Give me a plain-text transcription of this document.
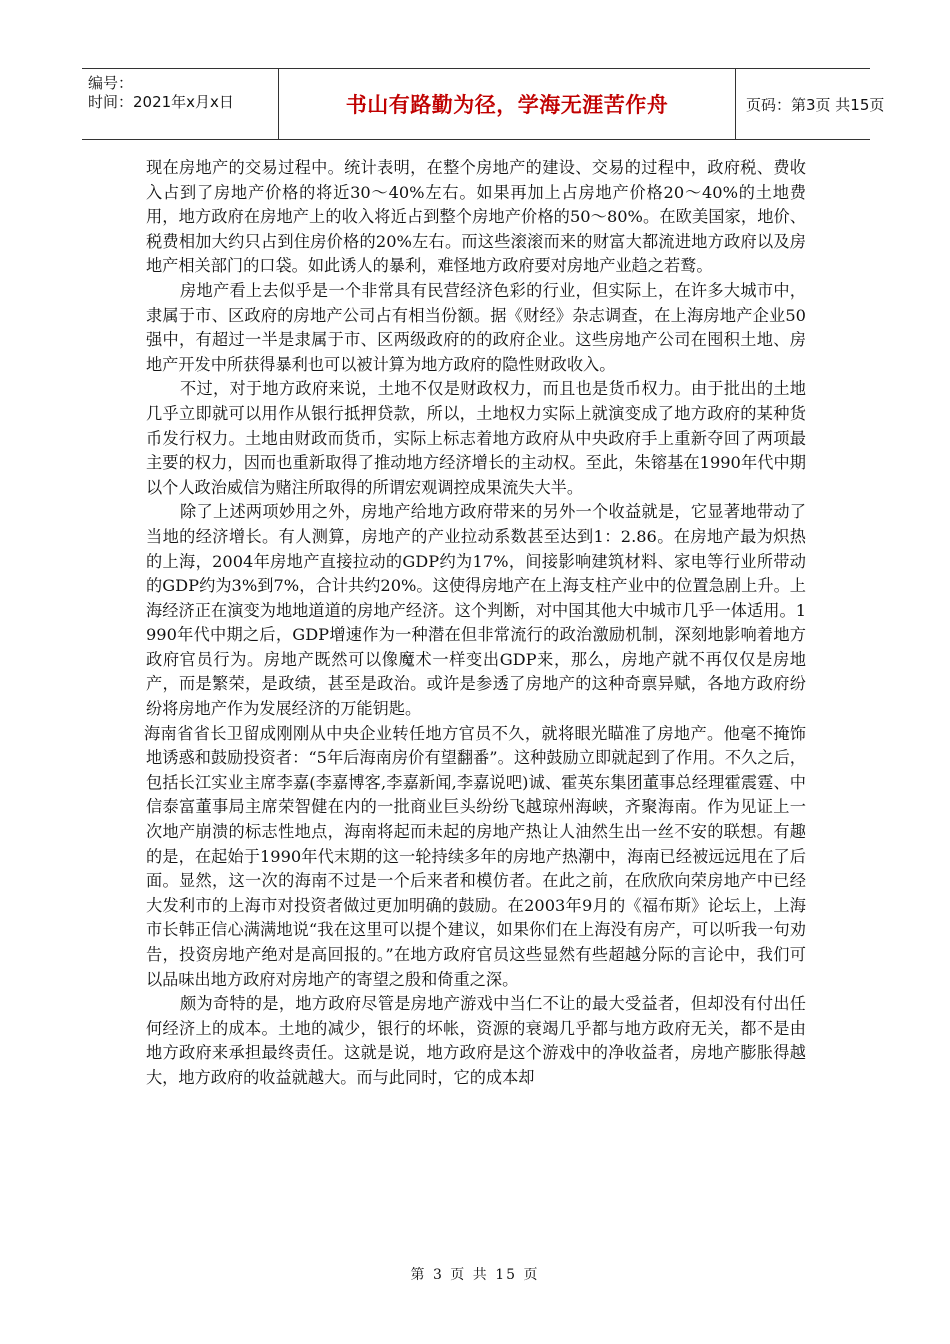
编号：
时间：2021年x月x日	书山有路勤为径，学海无涯苦作舟	页码：第3页 共15页

现在房地产的交易过程中。统计表明，在整个房地产的建设、交易的过程中，政府税、费收入占到了房地产价格的将近30～40%左右。如果再加上占房地产价格20～40%的土地费用，地方政府在房地产上的收入将近占到整个房地产价格的50～80%。在欧美国家，地价、税费相加大约只占到住房价格的20%左右。而这些滚滚而来的财富大都流进地方政府以及房地产相关部门的口袋。如此诱人的暴利，难怪地方政府要对房地产业趋之若鹜。

房地产看上去似乎是一个非常具有民营经济色彩的行业，但实际上，在许多大城市中，隶属于市、区政府的房地产公司占有相当份额。据《财经》杂志调查，在上海房地产企业50强中，有超过一半是隶属于市、区两级政府的的政府企业。这些房地产公司在囤积土地、房地产开发中所获得暴利也可以被计算为地方政府的隐性财政收入。

不过，对于地方政府来说，土地不仅是财政权力，而且也是货币权力。由于批出的土地几乎立即就可以用作从银行抵押贷款，所以，土地权力实际上就演变成了地方政府的某种货币发行权力。土地由财政而货币，实际上标志着地方政府从中央政府手上重新夺回了两项最主要的权力，因而也重新取得了推动地方经济增长的主动权。至此，朱镕基在1990年代中期以个人政治威信为赌注所取得的所谓宏观调控成果流失大半。

除了上述两项妙用之外，房地产给地方政府带来的另外一个收益就是，它显著地带动了当地的经济增长。有人测算，房地产的产业拉动系数甚至达到1：2.86。在房地产最为炽热的上海，2004年房地产直接拉动的GDP约为17%，间接影响建筑材料、家电等行业所带动的GDP约为3%到7%，合计共约20%。这使得房地产在上海支柱产业中的位置急剧上升。上海经济正在演变为地地道道的房地产经济。这个判断，对中国其他大中城市几乎一体适用。1990年代中期之后，GDP增速作为一种潜在但非常流行的政治激励机制，深刻地影响着地方政府官员行为。房地产既然可以像魔术一样变出GDP来，那么，房地产就不再仅仅是房地产，而是繁荣，是政绩，甚至是政治。或许是参透了房地产的这种奇禀异赋，各地方政府纷纷将房地产作为发展经济的万能钥匙。

海南省省长卫留成刚刚从中央企业转任地方官员不久，就将眼光瞄准了房地产。他毫不掩饰地诱惑和鼓励投资者：“5年后海南房价有望翻番”。这种鼓励立即就起到了作用。不久之后，包括长江实业主席李嘉(李嘉博客,李嘉新闻,李嘉说吧)诚、霍英东集团董事总经理霍震霆、中信泰富董事局主席荣智健在内的一批商业巨头纷纷飞越琼州海峡，齐聚海南。作为见证上一次地产崩溃的标志性地点，海南将起而未起的房地产热让人油然生出一丝不安的联想。有趣的是，在起始于1990年代末期的这一轮持续多年的房地产热潮中，海南已经被远远甩在了后面。显然，这一次的海南不过是一个后来者和模仿者。在此之前，在欣欣向荣房地产中已经大发利市的上海市对投资者做过更加明确的鼓励。在2003年9月的《福布斯》论坛上，上海市长韩正信心满满地说“我在这里可以提个建议，如果你们在上海没有房产，可以听我一句劝告，投资房地产绝对是高回报的。”在地方政府官员这些显然有些超越分际的言论中，我们可以品味出地方政府对房地产的寄望之殷和倚重之深。

颇为奇特的是，地方政府尽管是房地产游戏中当仁不让的最大受益者，但却没有付出任何经济上的成本。土地的减少，银行的坏帐，资源的衰竭几乎都与地方政府无关，都不是由地方政府来承担最终责任。这就是说，地方政府是这个游戏中的净收益者，房地产膨胀得越大，地方政府的收益就越大。而与此同时，它的成本却

第 3 页 共 15 页
